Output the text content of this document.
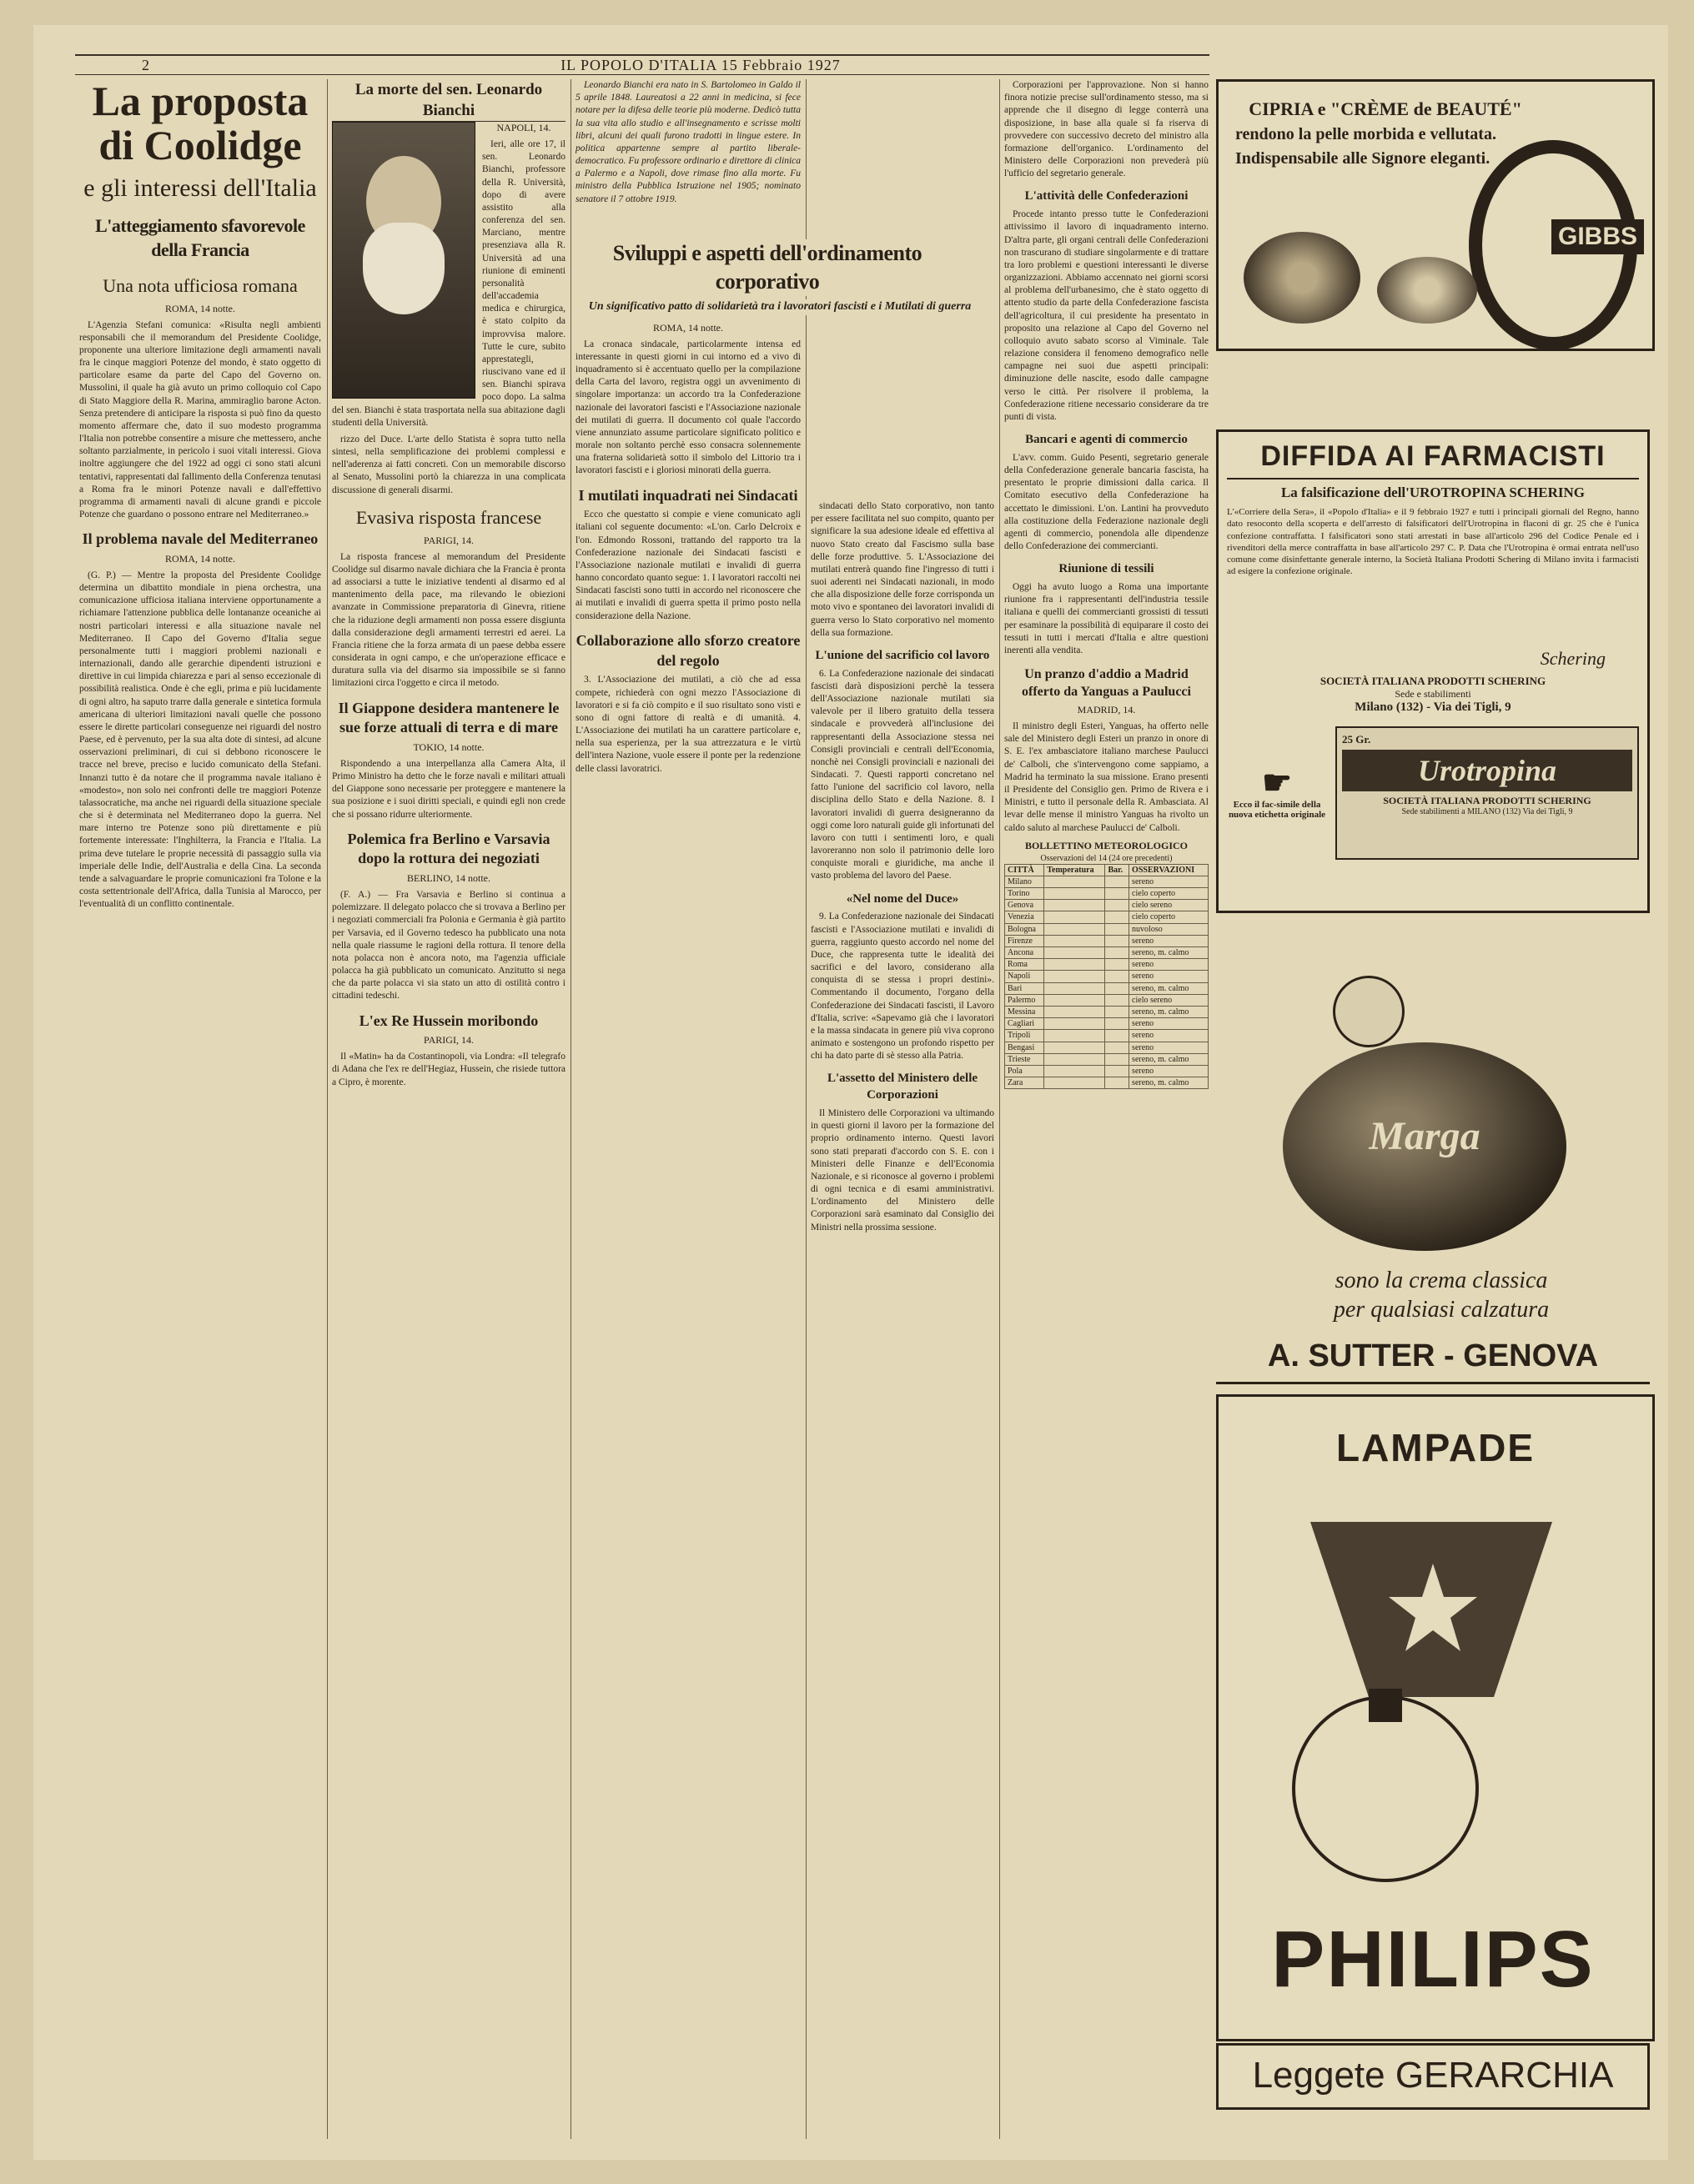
2	IL POPOLO D'ITALIA 15 Febbraio 1927
La proposta di Coolidge
e gli interessi dell'Italia
L'atteggiamento sfavorevole della Francia
Una nota ufficiosa romana
ROMA, 14 notte.

L'Agenzia Stefani comunica: «Risulta negli ambienti responsabili che il memorandum del Presidente Coolidge, proponente una ulteriore limitazione degli armamenti navali fra le cinque maggiori Potenze del mondo, è stato oggetto di particolare esame da parte del Capo del Governo on. Mussolini, il quale ha già avuto un primo colloquio col Capo di Stato Maggiore della R. Marina, ammiraglio barone Acton. Senza pretendere di anticipare la risposta si può fino da questo momento affermare che, dato il suo modesto programma l'Italia non potrebbe consentire a misure che mettessero, anche soltanto parzialmente, in pericolo i suoi vitali interessi. Giova inoltre aggiungere che del 1922 ad oggi ci sono stati alcuni tentativi, rappresentati dal fallimento della Conferenza tenutasi a Roma fra le minori Potenze navali e dall'effettivo programma di armamenti navali di alcune grandi e piccole Potenze che guardano o possono entrare nel Mediterraneo.»

Il problema navale del Mediterraneo
ROMA, 14 notte.

(G. P.) — Mentre la proposta del Presidente Coolidge determina un dibattito mondiale in piena orchestra, una comunicazione ufficiosa italiana interviene opportunamente a richiamare l'attenzione pubblica delle lontananze oceaniche ai nostri particolari interessi e alla situazione navale nel Mediterraneo. Il Capo del Governo d'Italia segue personalmente tutti i maggiori problemi nazionali e internazionali, dando alle gerarchie dipendenti istruzioni e direttive in cui limpida chiarezza e pari al senso eccezionale di possibilità realistica. Onde è che egli, prima e più lucidamente di ogni altro, ha saputo trarre dalla generale e sintetica formula americana di ulteriori limitazioni navali quelle che possono essere le dirette particolari conseguenze nei riguardi del nostro Paese, ed è pervenuto, per la sua alta dote di sintesi, ad alcune osservazioni preliminari, di cui si debbono riconoscere le tracce nel breve, preciso e lucido comunicato della Stefani. Innanzi tutto è da notare che il programma navale italiano è «modesto», non solo nei confronti delle tre maggiori Potenze talassocratiche, ma anche nei riguardi della situazione speciale che si è determinata nel Mediterraneo dopo la guerra. Nel mare interno tre Potenze sono più direttamente e più fortemente interessate: l'Inghilterra, la Francia e l'Italia. La prima deve tutelare le proprie necessità di passaggio sulla via imperiale delle Indie, dell'Australia e della Cina. La seconda tende a salvaguardare le proprie comunicazioni fra Tolone e la costa settentrionale dell'Africa, dalla Tunisia al Marocco, per l'eventualità di un conflitto continentale.

La morte del sen. Leonardo Bianchi
NAPOLI, 14.

Ieri, alle ore 17, il sen. Leonardo Bianchi, professore della R. Università, dopo di avere assistito alla conferenza del sen. Marciano, mentre presenziava alla R. Università ad una riunione di eminenti personalità dell'accademia medica e chirurgica, è stato colpito da improvvisa malore. Tutte le cure, subito apprestategli, riuscivano vane ed il sen. Bianchi spirava poco dopo. La salma del sen. Bianchi è stata trasportata nella sua abitazione dagli studenti della Università.

rizzo del Duce. L'arte dello Statista è sopra tutto nella sintesi, nella semplificazione dei problemi complessi e nell'aderenza ai fatti concreti. Con un memorabile discorso al Senato, Mussolini portò la chiarezza in una complicata discussione di generali disarmi.

Evasiva risposta francese
PARIGI, 14.

La risposta francese al memorandum del Presidente Coolidge sul disarmo navale dichiara che la Francia è pronta ad associarsi a tutte le iniziative tendenti al disarmo ed al mantenimento della pace, ma rilevando le obiezioni avanzate in Commissione preparatoria di Ginevra, ritiene che la riduzione degli armamenti non possa essere disgiunta dalla considerazione degli armamenti terrestri ed aerei. La Francia ritiene che la forza armata di un paese debba essere considerata in ogni campo, e che un'operazione efficace e duratura sulla via del disarmo sia impossibile se si fanno limitazioni circa l'oggetto e circa il metodo.

Il Giappone desidera mantenere le sue forze attuali di terra e di mare
TOKIO, 14 notte.

Rispondendo a una interpellanza alla Camera Alta, il Primo Ministro ha detto che le forze navali e militari attuali del Giappone sono necessarie per proteggere e mantenere la sua posizione e i suoi diritti speciali, e quindi egli non crede che si possano ridurre ulteriormente.

Polemica fra Berlino e Varsavia dopo la rottura dei negoziati
BERLINO, 14 notte.

(F. A.) — Fra Varsavia e Berlino si continua a polemizzare. Il delegato polacco che si trovava a Berlino per i negoziati commerciali fra Polonia e Germania è già partito per Varsavia, ed il Governo tedesco ha pubblicato una nota nella quale riassume le ragioni della rottura. Il tenore della nota polacca non è ancora noto, ma l'agenzia ufficiale polacca ha già pubblicato un comunicato. Anzitutto si nega che da parte polacca vi sia stato un atto di ostilità contro i cittadini tedeschi.

L'ex Re Hussein moribondo
PARIGI, 14.

Il «Matin» ha da Costantinopoli, via Londra: «Il telegrafo di Adana che l'ex re dell'Hegiaz, Hussein, che risiede tuttora a Cipro, è morente.

Leonardo Bianchi era nato in S. Bartolomeo in Galdo il 5 aprile 1848. Laureatosi a 22 anni in medicina, si fece notare per la difesa delle teorie più moderne. Dedicò tutta la sua vita allo studio e all'insegnamento e scrisse molti libri, alcuni dei quali furono tradotti in lingue estere. In politica appartenne sempre al partito liberale-democratico. Fu professore ordinario e direttore di clinica a Palermo e a Napoli, dove rimase fino alla morte. Fu ministro della Pubblica Istruzione nel 1905; nominato senatore il 7 ottobre 1919.

Sviluppi e aspetti dell'ordinamento corporativo
Un significativo patto di solidarietà tra i lavoratori fascisti e i Mutilati di guerra
ROMA, 14 notte.

La cronaca sindacale, particolarmente intensa ed interessante in questi giorni in cui intorno ed a vivo di inquadramento si è accentuato quello per la compilazione della Carta del lavoro, registra oggi un avvenimento di singolare importanza: un accordo tra la Confederazione nazionale dei lavoratori fascisti e l'Associazione nazionale dei mutilati di guerra. Il documento col quale l'accordo viene annunziato assume particolare significato politico e morale non soltanto perchè esso consacra solennemente una fraterna solidarietà sotto il simbolo del Littorio tra i lavoratori fascisti e i gloriosi minorati della guerra.

I mutilati inquadrati nei Sindacati

Ecco che questatto si compie e viene comunicato agli italiani col seguente documento: «L'on. Carlo Delcroix e l'on. Edmondo Rossoni, trattando del rapporto tra la Confederazione nazionale dei Sindacati fascisti e l'Associazione nazionale mutilati e invalidi di guerra hanno concordato quanto segue: 1. I lavoratori raccolti nei Sindacati fascisti sono tutti in accordo nel riconoscere che ai mutilati e invalidi di guerra spetta il primo posto nella considerazione della Nazione.

Collaborazione allo sforzo creatore del regolo

3. L'Associazione dei mutilati, a ciò che ad essa compete, richiederà con ogni mezzo l'Associazione di lavoratori e si fa ciò compito e il suo risultato sono visti e sono di ogni fattore di realtà e di umanità. 4. L'Associazione dei mutilati ha un carattere particolare e, nella sua esperienza, per la sua attrezzatura e le virtù dell'intera Nazione, vuole essere il ponte per la redenzione delle classi lavoratrici.

sindacati dello Stato corporativo, non tanto per essere facilitata nel suo compito, quanto per significare la sua adesione ideale ed effettiva al nuovo Stato creato dal Fascismo sulla base delle forze produttive. 5. L'Associazione dei mutilati entrerà quando fine l'ingresso di tutti i suoi aderenti nei Sindacati nazionali, in modo che alla disposizione delle forze corrisponda un moto vivo e spontaneo dei lavoratori invalidi di guerra verso lo Stato corporativo nel momento della sua formazione.

L'unione del sacrificio col lavoro

6. La Confederazione nazionale dei sindacati fascisti darà disposizioni perchè la tessera dell'Associazione nazionale mutilati sia valevole per il libero gratuito della tessera sindacale e provvederà all'inclusione dei rappresentanti della Associazione stessa nei Consigli provinciali e centrali dell'Economia, nonchè nei Consigli provinciali e nazionali dei Sindacati. 7. Questi rapporti concretano nel fatto l'unione del sacrificio col lavoro, nella disciplina dello Stato e della Nazione. 8. I lavoratori invalidi di guerra designeranno da oggi come loro naturali guide gli infortunati del lavoro con tutti i sentimenti loro, e quali lavoreranno non solo il patrimonio delle loro conquiste morali e giuridiche, ma anche il vasto problema del lavoro del Paese.

«Nel nome del Duce»

9. La Confederazione nazionale dei Sindacati fascisti e l'Associazione mutilati e invalidi di guerra, raggiunto questo accordo nel nome del Duce, che rappresenta tutte le idealità dei sacrifici e del lavoro, considerano alla conquista di se stessa i propri destini». Commentando il documento, l'organo della Confederazione dei Sindacati fascisti, il Lavoro d'Italia, scrive: «Sapevamo già che i lavoratori e la massa sindacata in genere più viva coprono animato e sostengono un profondo rispetto per chi ha dato parte di sè stesso alla Patria.

L'assetto del Ministero delle Corporazioni

Il Ministero delle Corporazioni va ultimando in questi giorni il lavoro per la formazione del proprio ordinamento interno. Questi lavori sono stati preparati d'accordo con S. E. con i Ministeri delle Finanze e dell'Economia Nazionale, e si riconosce al governo i problemi di ogni tecnica e di esami amministrativi. L'ordinamento del Ministero delle Corporazioni sarà esaminato dal Consiglio dei Ministri nella prossima sessione.

Corporazioni per l'approvazione. Non si hanno finora notizie precise sull'ordinamento stesso, ma si apprende che il disegno di legge conterrà una disposizione, in base alla quale si fa riserva di provvedere con successivo decreto del ministro alla formazione dell'organico. L'ordinamento del Ministero delle Corporazioni non prevederà più l'ufficio del segretario generale.

L'attività delle Confederazioni

Procede intanto presso tutte le Confederazioni attivissimo il lavoro di inquadramento interno. D'altra parte, gli organi centrali delle Confederazioni non trascurano di studiare singolarmente e di trattare tra loro problemi e questioni interessanti le diverse organizzazioni. Abbiamo accennato nei giorni scorsi al problema dell'urbanesimo, che è stato oggetto di attento studio da parte della Confederazione fascista dell'agricoltura, il cui presidente ha presentato in proposito una relazione al Capo del Governo nel colloquio avuto sabato scorso al Viminale. Tale relazione considera il fenomeno demografico nelle campagne nei suoi due aspetti principali: diminuzione delle nascite, esodo dalle campagne verso le città. Per risolvere il problema, la Confederazione ritiene necessario considerare da tre punti di vista.

Bancari e agenti di commercio

L'avv. comm. Guido Pesenti, segretario generale della Confederazione generale bancaria fascista, ha presentato le proprie dimissioni dalla carica. Il Comitato esecutivo della Confederazione ha accettato le dimissioni. L'on. Lantini ha provveduto alla costituzione della Federazione nazionale degli agenti di commercio, ponendola alle dipendenze dello Confederazione dei commercianti.

Riunione di tessili

Oggi ha avuto luogo a Roma una importante riunione fra i rappresentanti dell'industria tessile italiana e quelli dei commercianti grossisti di tessuti per esaminare la possibilità di equiparare il costo dei tessuti in tutti i mercati d'Italia e altre questioni inerenti alla vendita.

Un pranzo d'addio a Madrid offerto da Yanguas a Paulucci
MADRID, 14.

Il ministro degli Esteri, Yanguas, ha offerto nelle sale del Ministero degli Esteri un pranzo in onore di S. E. l'ex ambasciatore italiano marchese Paulucci de' Calboli, che s'intervengono come sappiamo, a Madrid ha terminato la sua missione. Erano presenti il Presidente del Consiglio gen. Primo de Rivera e i Ministri, e tutto il personale della R. Ambasciata. Al levar delle mense il ministro Yanguas ha rivolto un caldo saluto al marchese Paulucci de' Calboli.

BOLLETTINO METEOROLOGICO
Osservazioni del 14 (24 ore precedenti)
CITTÀ	Temperatura	Bar.	OSSERVAZIONI
Milano			sereno
Torino			cielo coperto
Genova			cielo sereno
Venezia			cielo coperto
Bologna			nuvoloso
Firenze			sereno
Ancona			sereno, m. calmo
Roma			sereno
Napoli			sereno
Bari			sereno, m. calmo
Palermo			cielo sereno
Messina			sereno, m. calmo
Cagliari			sereno
Tripoli			sereno
Bengasi			sereno
Trieste			sereno, m. calmo
Pola			sereno
Zara			sereno, m. calmo
CIPRIA e "CRÈME de BEAUTÉ"
rendono la pelle morbida e vellutata.
Indispensabile alle Signore eleganti.
GIBBS
DIFFIDA AI FARMACISTI
La falsificazione dell'UROTROPINA SCHERING
L'«Corriere della Sera», il «Popolo d'Italia» e il 9 febbraio 1927 e tutti i principali giornali del Regno, hanno dato resoconto della scoperta e dell'arresto di falsificatori dell'Urotropina in flaconi di gr. 25 che è l'unica confezione contraffatta. I falsificatori sono stati arrestati in base all'articolo 296 del Codice Penale ed i rivenditori della merce contraffatta in base all'articolo 297 C. P. Data che l'Urotropina è ormai entrata nell'uso comune come disinfettante generale interno, la Società Italiana Prodotti Schering di Milano invita i farmacisti ad esigere la confezione originale.
Schering
SOCIETÀ ITALIANA PRODOTTI SCHERING
Sede e stabilimenti
Milano (132) - Via dei Tigli, 9
☛
Ecco il fac-simile della nuova etichetta originale
25 Gr.
Urotropina
SOCIETÀ ITALIANA PRODOTTI SCHERING
Sede stabilimenti a MILANO (132) Via dei Tigli, 9
Marga
sono la crema classica
per qualsiasi calzatura
A. SUTTER - GENOVA
LAMPADE
PHILIPS
Leggete GERARCHIA
